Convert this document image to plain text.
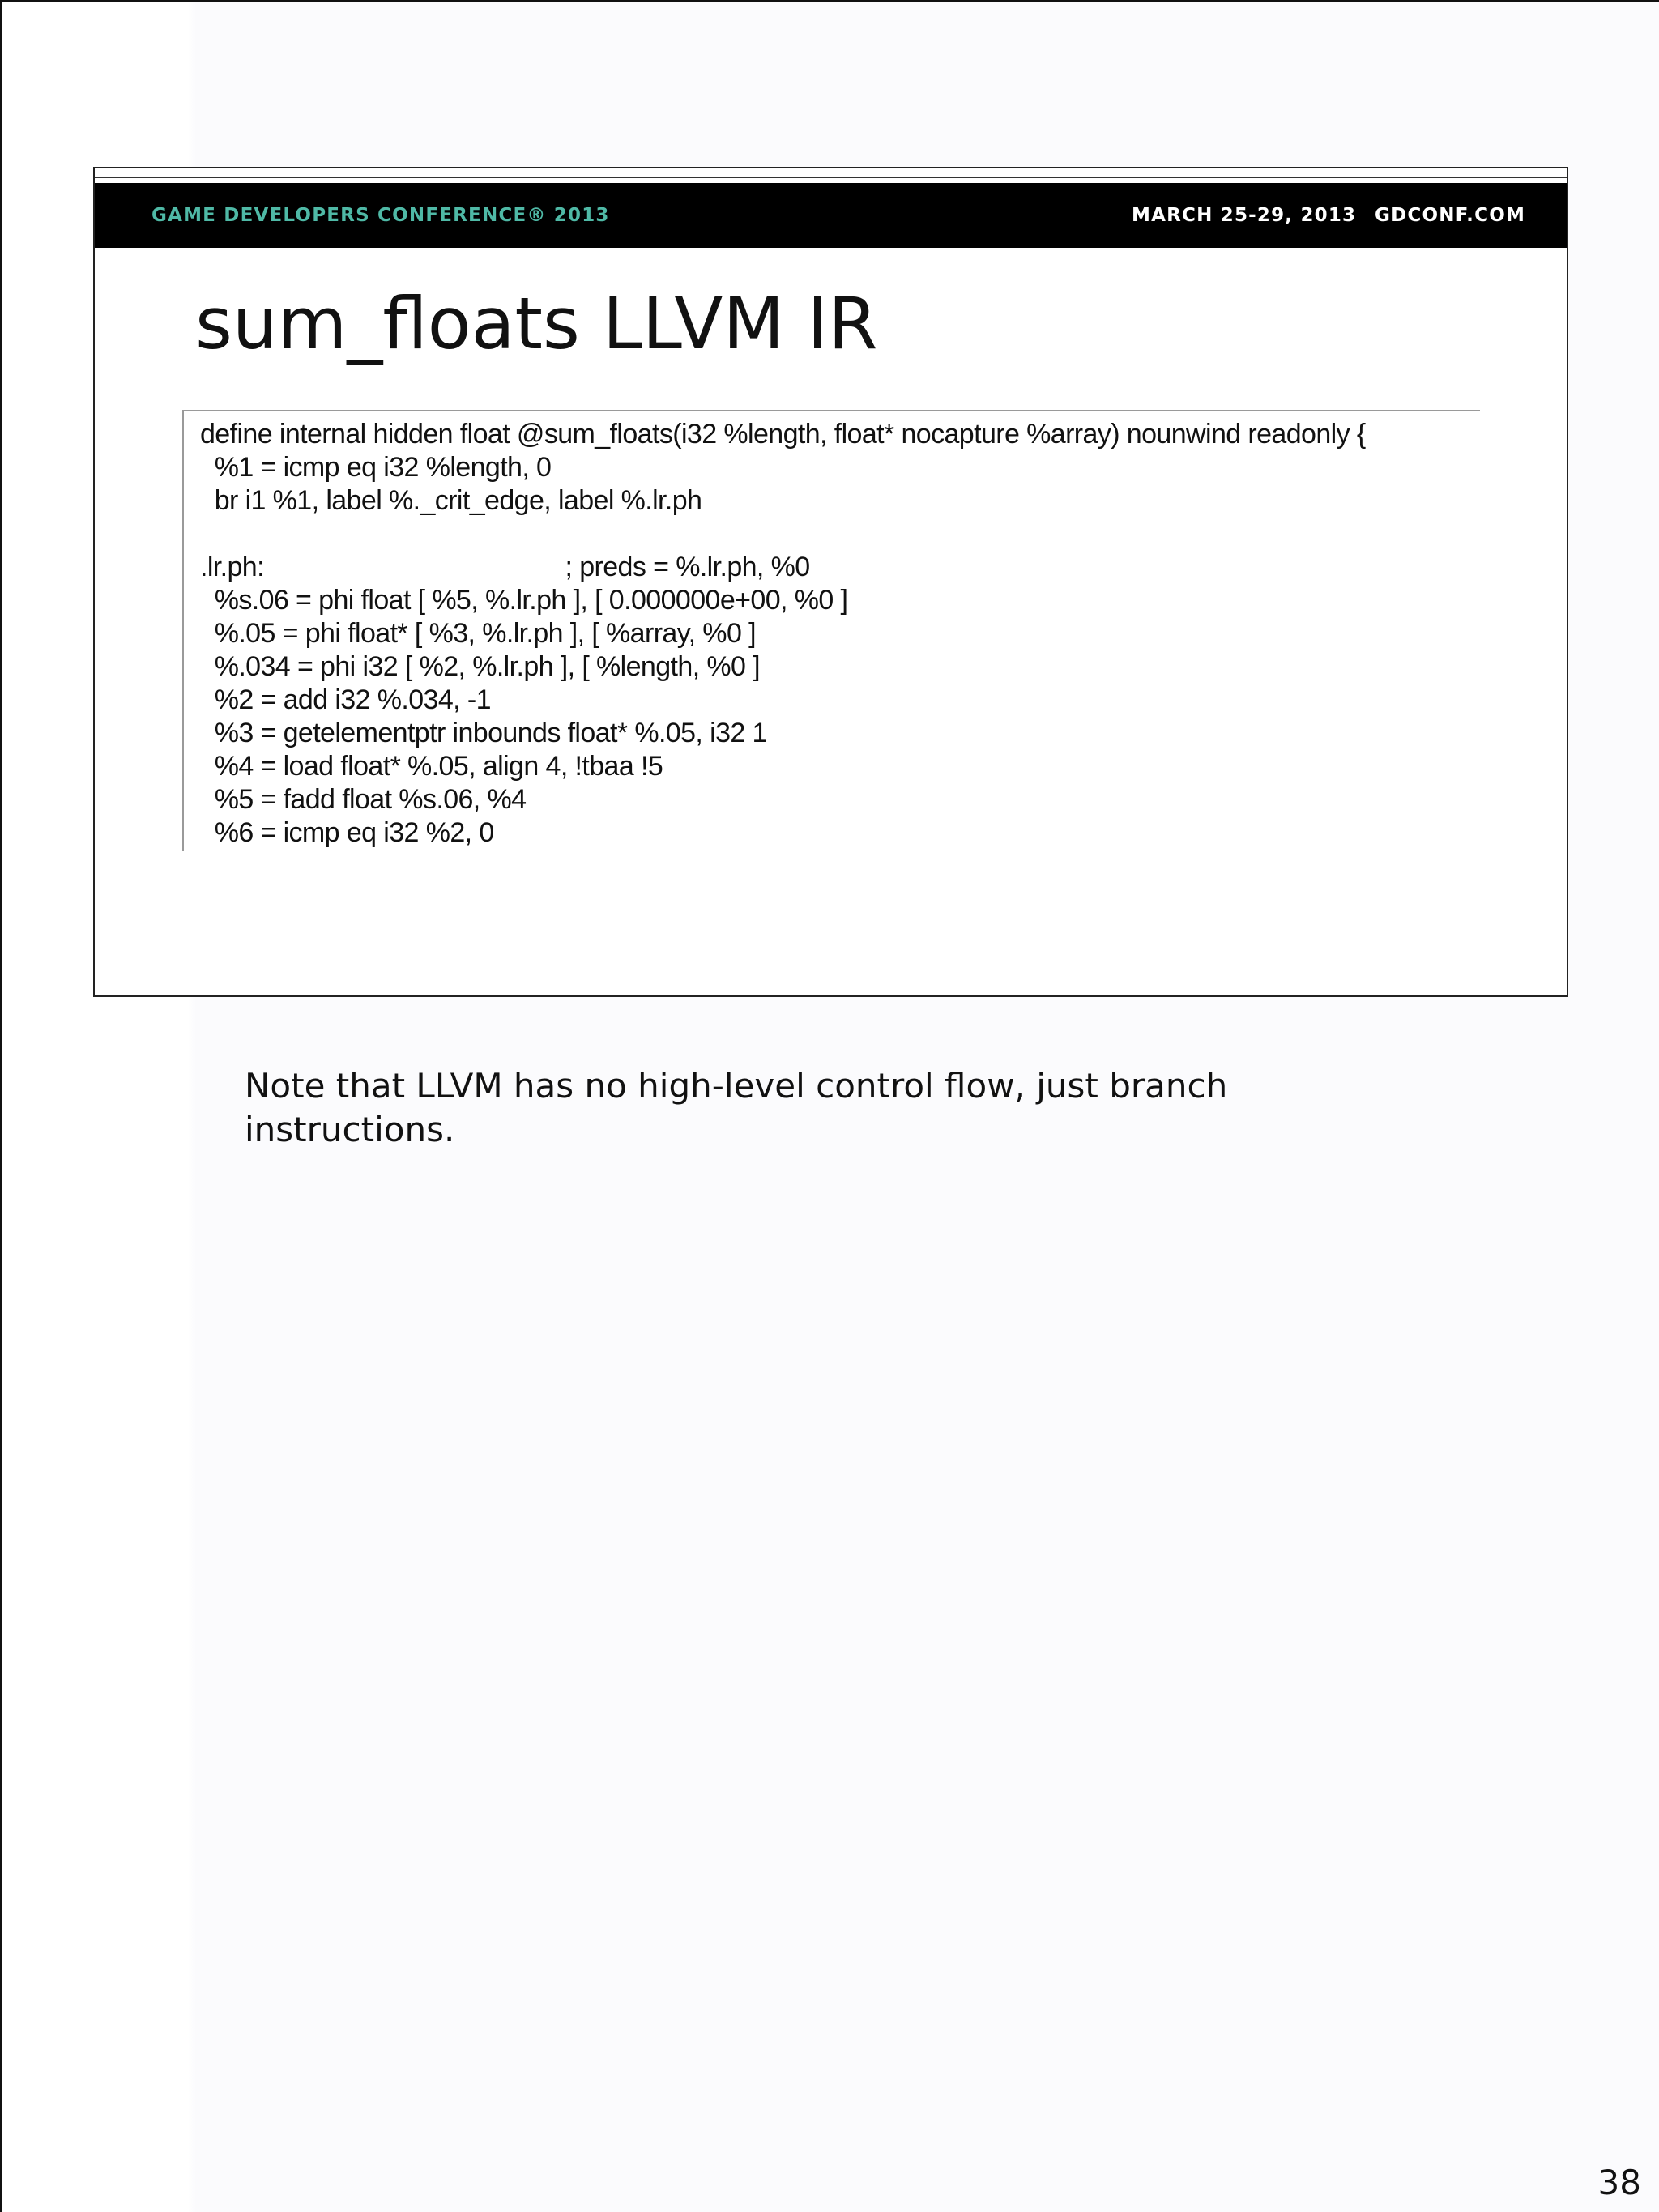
GAME DEVELOPERS CONFERENCE® 2013	MARCH 25-29, 2013 GDCONF.COM
sum_floats LLVM IR
define internal hidden float @sum_floats(i32 %length, float* nocapture %array) nounwind readonly {
%1 = icmp eq i32 %length, 0
br i1 %1, label %._crit_edge, label %.lr.ph
.lr.ph:                                          ; preds = %.lr.ph, %0
%s.06 = phi float [ %5, %.lr.ph ], [ 0.000000e+00, %0 ]
%.05 = phi float* [ %3, %.lr.ph ], [ %array, %0 ]
%.034 = phi i32 [ %2, %.lr.ph ], [ %length, %0 ]
%2 = add i32 %.034, -1
%3 = getelementptr inbounds float* %.05, i32 1
%4 = load float* %.05, align 4, !tbaa !5
%5 = fadd float %s.06, %4
%6 = icmp eq i32 %2, 0

Note that LLVM has no high-level control flow, just branch instructions.

38
